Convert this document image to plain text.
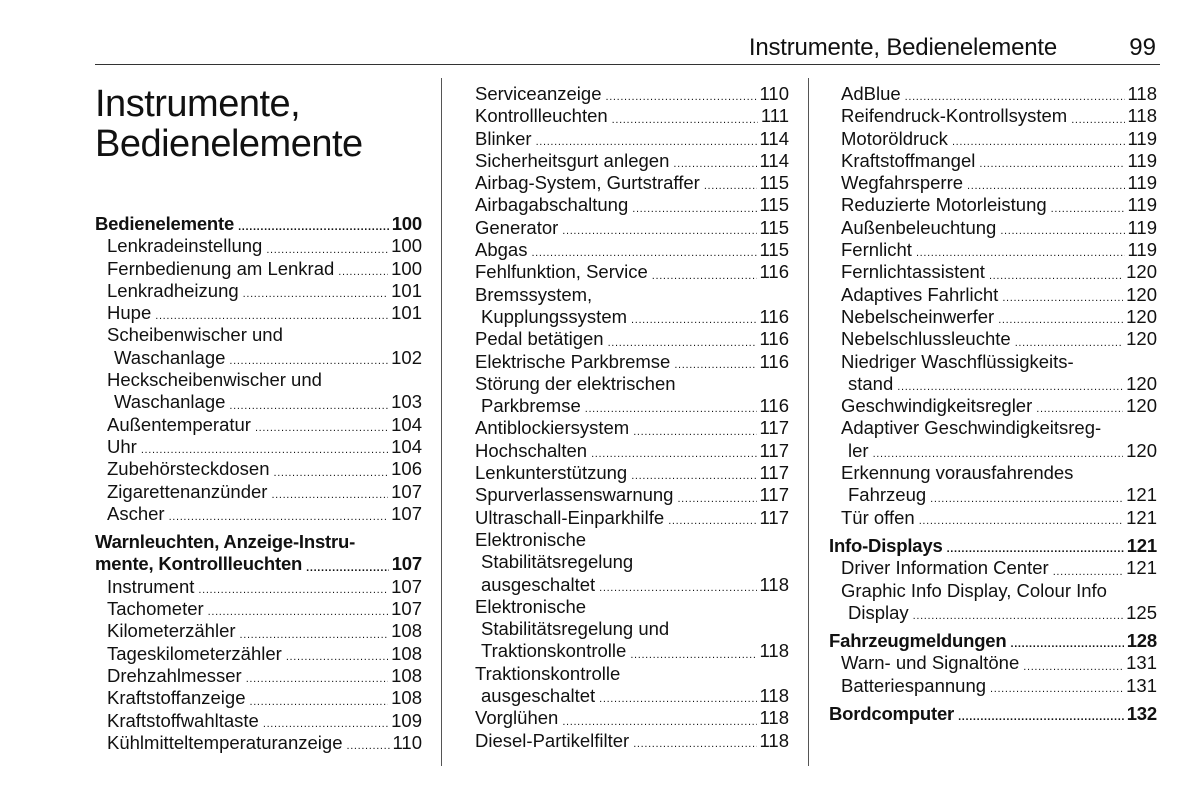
Instrumente, Bedienelemente	99
Instrumente,
Bedienelemente
Bedienelemente . . .	100
Lenkradeinstellung . . .	100
Fernbedienung am Lenkrad . . .	100
Lenkradheizung . . .	101
Hupe . . .	101
Scheibenwischer und
Waschanlage . . .	102
Heckscheibenwischer und
Waschanlage . . .	103
Außentemperatur . . .	104
Uhr . . .	104
Zubehörsteckdosen . . .	106
Zigarettenanzünder . . .	107
Ascher . . .	107
Warnleuchten, Anzeige-Instru-
mente, Kontrollleuchten . . .	107
Instrument . . .	107
Tachometer . . .	107
Kilometerzähler . . .	108
Tageskilometerzähler . . .	108
Drehzahlmesser . . .	108
Kraftstoffanzeige . . .	108
Kraftstoffwahltaste . . .	109
Kühlmitteltemperaturanzeige . . .	110
Serviceanzeige . . .	110
Kontrollleuchten . . .	111
Blinker . . .	114
Sicherheitsgurt anlegen . . .	114
Airbag-System, Gurtstraffer . . .	115
Airbagabschaltung . . .	115
Generator . . .	115
Abgas . . .	115
Fehlfunktion, Service . . .	116
Bremssystem,
Kupplungssystem . . .	116
Pedal betätigen . . .	116
Elektrische Parkbremse . . .	116
Störung der elektrischen
Parkbremse . . .	116
Antiblockiersystem . . .	117
Hochschalten . . .	117
Lenkunterstützung . . .	117
Spurverlassenswarnung . . .	117
Ultraschall-Einparkhilfe . . .	117
Elektronische
Stabilitätsregelung
ausgeschaltet . . .	118
Elektronische
Stabilitätsregelung und
Traktionskontrolle . . .	118
Traktionskontrolle
ausgeschaltet . . .	118
Vorglühen . . .	118
Diesel-Partikelfilter . . .	118
AdBlue . . .	118
Reifendruck-Kontrollsystem . . .	118
Motoröldruck . . .	119
Kraftstoffmangel . . .	119
Wegfahrsperre . . .	119
Reduzierte Motorleistung . . .	119
Außenbeleuchtung . . .	119
Fernlicht . . .	119
Fernlichtassistent . . .	120
Adaptives Fahrlicht . . .	120
Nebelscheinwerfer . . .	120
Nebelschlussleuchte . . .	120
Niedriger Waschflüssigkeits-
stand . . .	120
Geschwindigkeitsregler . . .	120
Adaptiver Geschwindigkeitsreg-
ler . . .	120
Erkennung vorausfahrendes
Fahrzeug . . .	121
Tür offen . . .	121
Info-Displays . . .	121
Driver Information Center . . .	121
Graphic Info Display, Colour Info
Display . . .	125
Fahrzeugmeldungen . . .	128
Warn- und Signaltöne . . .	131
Batteriespannung . . .	131
Bordcomputer . . .	132
